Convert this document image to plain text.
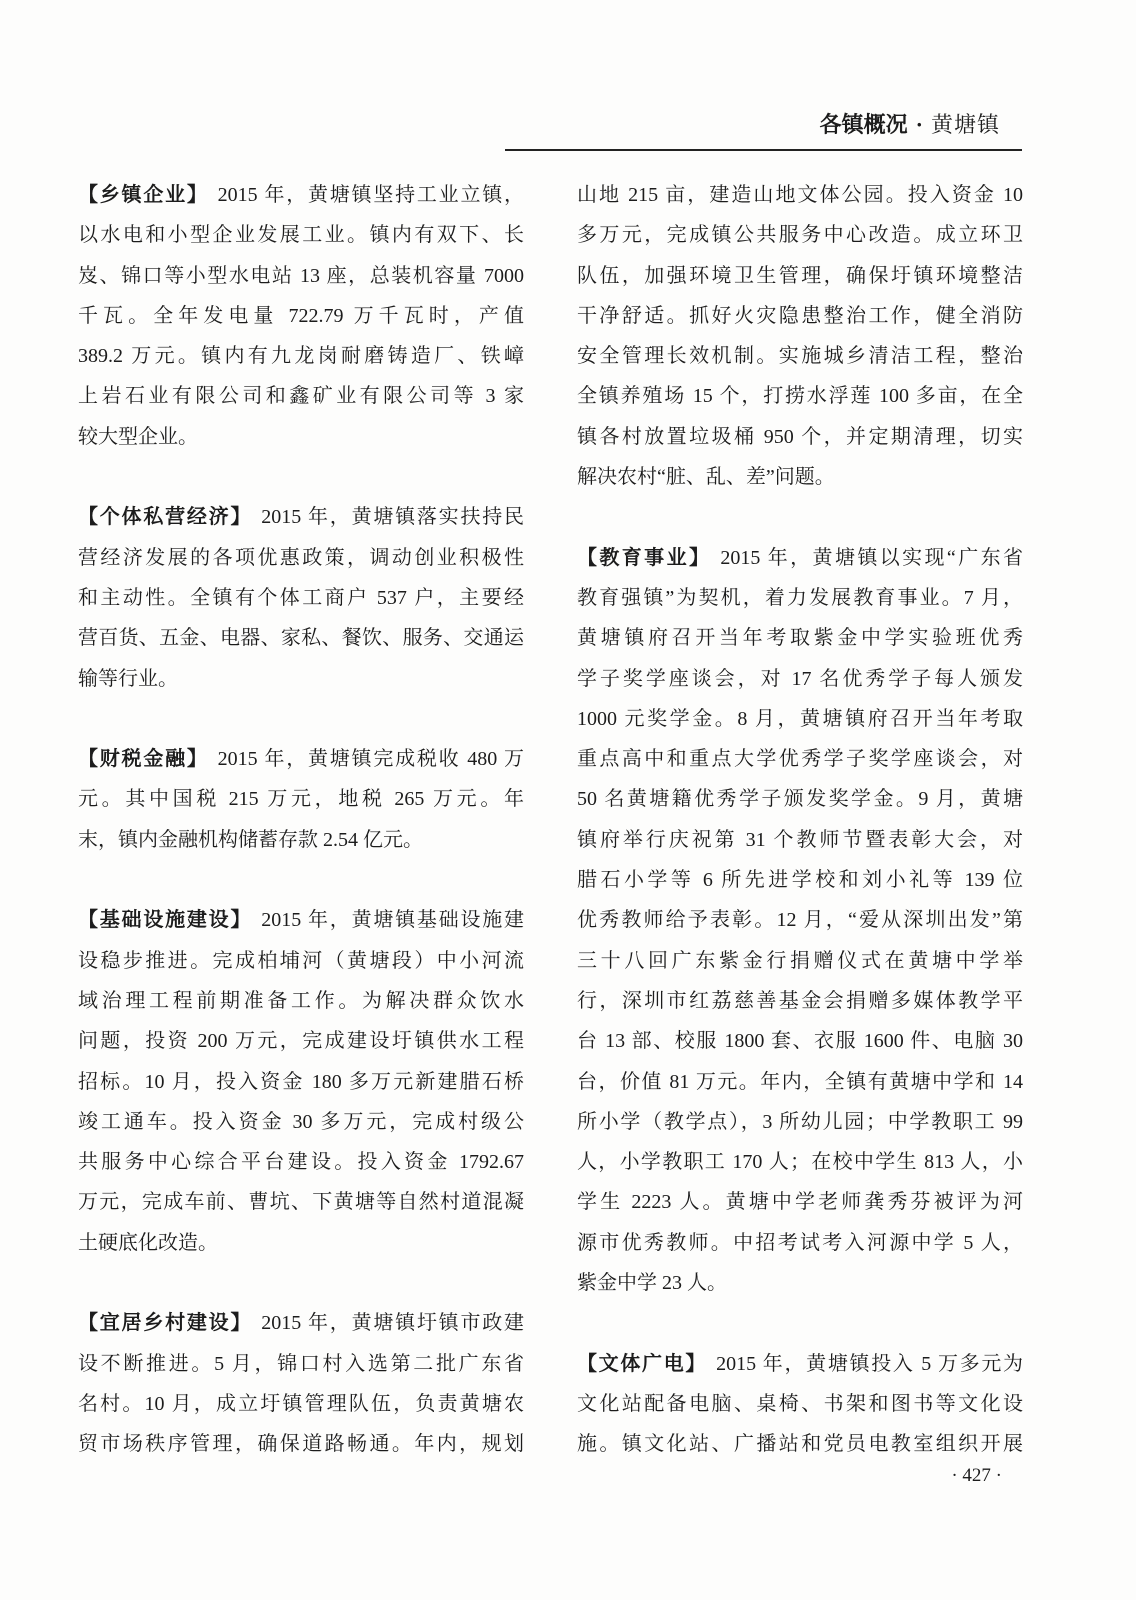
各镇概况 · 黄塘镇
【乡镇企业】 2015 年，黄塘镇坚持工业立镇，
以水电和小型企业发展工业。镇内有双下、长
岌、锦口等小型水电站 13 座，总装机容量 7000
千瓦。全年发电量 722.79 万千瓦时，产值
389.2 万元。镇内有九龙岗耐磨铸造厂、铁嶂
上岩石业有限公司和鑫矿业有限公司等 3 家
较大型企业。
【个体私营经济】 2015 年，黄塘镇落实扶持民
营经济发展的各项优惠政策，调动创业积极性
和主动性。全镇有个体工商户 537 户，主要经
营百货、五金、电器、家私、餐饮、服务、交通运
输等行业。
【财税金融】 2015 年，黄塘镇完成税收 480 万
元。其中国税 215 万元，地税 265 万元。年
末，镇内金融机构储蓄存款 2.54 亿元。
【基础设施建设】 2015 年，黄塘镇基础设施建
设稳步推进。完成柏埔河（黄塘段）中小河流
域治理工程前期准备工作。为解决群众饮水
问题，投资 200 万元，完成建设圩镇供水工程
招标。10 月，投入资金 180 多万元新建腊石桥
竣工通车。投入资金 30 多万元，完成村级公
共服务中心综合平台建设。投入资金 1792.67
万元，完成车前、曹坑、下黄塘等自然村道混凝
土硬底化改造。
【宜居乡村建设】 2015 年，黄塘镇圩镇市政建
设不断推进。5 月，锦口村入选第二批广东省
名村。10 月，成立圩镇管理队伍，负责黄塘农
贸市场秩序管理，确保道路畅通。年内，规划
山地 215 亩，建造山地文体公园。投入资金 10
多万元，完成镇公共服务中心改造。成立环卫
队伍，加强环境卫生管理，确保圩镇环境整洁
干净舒适。抓好火灾隐患整治工作，健全消防
安全管理长效机制。实施城乡清洁工程，整治
全镇养殖场 15 个，打捞水浮莲 100 多亩，在全
镇各村放置垃圾桶 950 个，并定期清理，切实
解决农村“脏、乱、差”问题。
【教育事业】 2015 年，黄塘镇以实现“广东省
教育强镇”为契机，着力发展教育事业。7 月，
黄塘镇府召开当年考取紫金中学实验班优秀
学子奖学座谈会，对 17 名优秀学子每人颁发
1000 元奖学金。8 月，黄塘镇府召开当年考取
重点高中和重点大学优秀学子奖学座谈会，对
50 名黄塘籍优秀学子颁发奖学金。9 月，黄塘
镇府举行庆祝第 31 个教师节暨表彰大会，对
腊石小学等 6 所先进学校和刘小礼等 139 位
优秀教师给予表彰。12 月，“爱从深圳出发”第
三十八回广东紫金行捐赠仪式在黄塘中学举
行，深圳市红荔慈善基金会捐赠多媒体教学平
台 13 部、校服 1800 套、衣服 1600 件、电脑 30
台，价值 81 万元。年内，全镇有黄塘中学和 14
所小学（教学点），3 所幼儿园；中学教职工 99
人，小学教职工 170 人；在校中学生 813 人，小
学生 2223 人。黄塘中学老师龚秀芬被评为河
源市优秀教师。中招考试考入河源中学 5 人，
紫金中学 23 人。
【文体广电】 2015 年，黄塘镇投入 5 万多元为
文化站配备电脑、桌椅、书架和图书等文化设
施。镇文化站、广播站和党员电教室组织开展
· 427 ·
